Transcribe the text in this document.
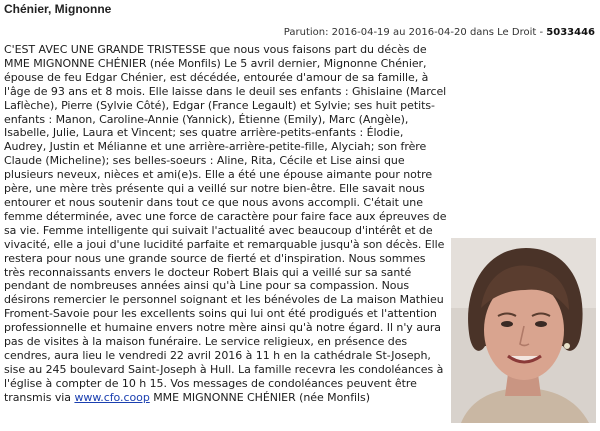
Chénier, Mignonne
Parution: 2016-04-19 au 2016-04-20 dans Le Droit - 5033446
C'EST AVEC UNE GRANDE TRISTESSE que nous vous faisons part du décès de MME MIGNONNE CHÉNIER (née Monfils) Le 5 avril dernier, Mignonne Chénier, épouse de feu Edgar Chénier, est décédée, entourée d'amour de sa famille, à l'âge de 93 ans et 8 mois. Elle laisse dans le deuil ses enfants : Ghislaine (Marcel Laflèche), Pierre (Sylvie Côté), Edgar (France Legault) et Sylvie; ses huit petits-enfants : Manon, Caroline-Annie (Yannick), Étienne (Emily), Marc (Angèle), Isabelle, Julie, Laura et Vincent; ses quatre arrière-petits-enfants : Élodie, Audrey, Justin et Mélianne et une arrière-arrière-petite-fille, Alyciah; son frère Claude (Micheline); ses belles-soeurs : Aline, Rita, Cécile et Lise ainsi que plusieurs neveux, nièces et ami(e)s. Elle a été une épouse aimante pour notre père, une mère très présente qui a veillé sur notre bien-être. Elle savait nous entourer et nous soutenir dans tout ce que nous avons accompli. C'était une femme déterminée, avec une force de caractère pour faire face aux épreuves de sa vie. Femme intelligente qui suivait l'actualité avec beaucoup d'intérêt et de vivacité, elle a joui d'une lucidité parfaite et remarquable jusqu'à son décès. Elle restera pour nous une grande source de fierté et d'inspiration. Nous sommes très reconnaissants envers le docteur Robert Blais qui a veillé sur sa santé pendant de nombreuses années ainsi qu'à Line pour sa compassion. Nous désirons remercier le personnel soignant et les bénévoles de La maison Mathieu Froment-Savoie pour les excellents soins qui lui ont été prodigués et l'attention professionnelle et humaine envers notre mère ainsi qu'à notre égard. Il n'y aura pas de visites à la maison funéraire. Le service religieux, en présence des cendres, aura lieu le vendredi 22 avril 2016 à 11 h en la cathédrale St-Joseph, sise au 245 boulevard Saint-Joseph à Hull. La famille recevra les condoléances à l'église à compter de 10 h 15. Vos messages de condoléances peuvent être transmis via www.cfo.coop MME MIGNONNE CHÉNIER (née Monfils)
